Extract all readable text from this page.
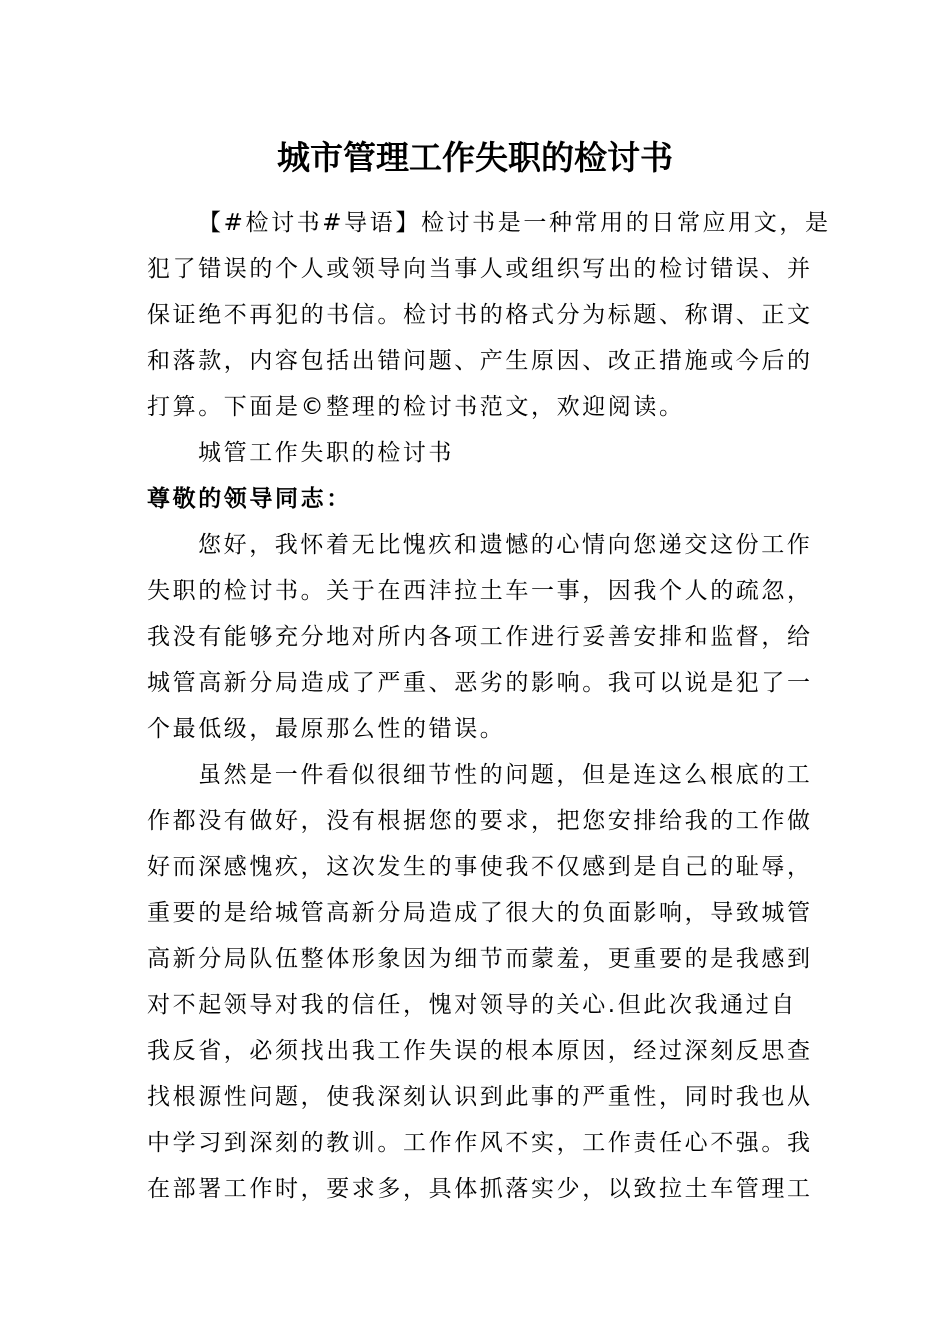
城市管理工作失职的检讨书

【#检讨书#导语】检讨书是一种常用的日常应用文，是
犯了错误的个人或领导向当事人或组织写出的检讨错误、并
保证绝不再犯的书信。检讨书的格式分为标题、称谓、正文
和落款，内容包括出错问题、产生原因、改正措施或今后的
打算。下面是©整理的检讨书范文，欢迎阅读。

城管工作失职的检讨书

尊敬的领导同志：

您好，我怀着无比愧疚和遗憾的心情向您递交这份工作
失职的检讨书。关于在西沣拉土车一事，因我个人的疏忽，
我没有能够充分地对所内各项工作进行妥善安排和监督，给
城管高新分局造成了严重、恶劣的影响。我可以说是犯了一
个最低级，最原那么性的错误。

虽然是一件看似很细节性的问题，但是连这么根底的工
作都没有做好，没有根据您的要求，把您安排给我的工作做
好而深感愧疚，这次发生的事使我不仅感到是自己的耻辱，
重要的是给城管高新分局造成了很大的负面影响，导致城管
高新分局队伍整体形象因为细节而蒙羞，更重要的是我感到
对不起领导对我的信任，愧对领导的关心.但此次我通过自
我反省，必须找出我工作失误的根本原因，经过深刻反思查
找根源性问题，使我深刻认识到此事的严重性，同时我也从
中学习到深刻的教训。工作作风不实，工作责任心不强。我
在部署工作时，要求多，具体抓落实少，以致拉土车管理工
